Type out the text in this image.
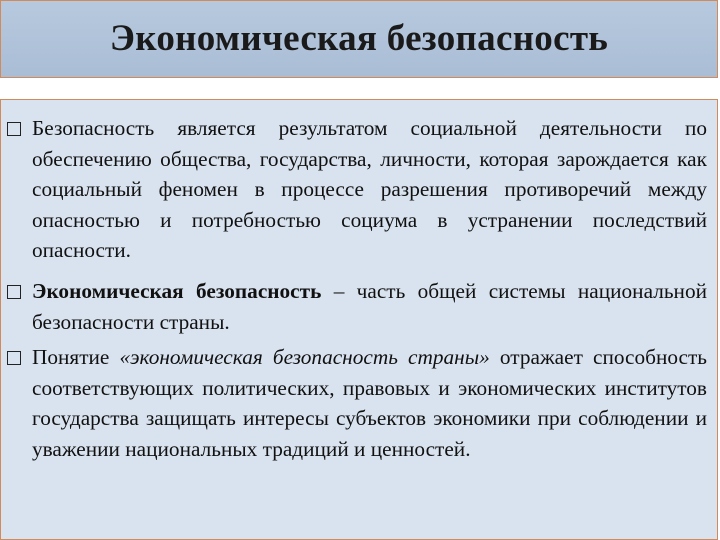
Экономическая безопасность
Безопасность является результатом социальной деятельности по обеспечению общества, государства, личности, которая зарождается как социальный феномен в процессе разрешения противоречий между опасностью и потребностью социума в устранении последствий опасности.
Экономическая безопасность – часть общей системы национальной безопасности страны.
Понятие «экономическая безопасность страны» отражает способность соответствующих политических, правовых и экономических институтов государства защищать интересы субъектов экономики при соблюдении и уважении национальных традиций и ценностей.
